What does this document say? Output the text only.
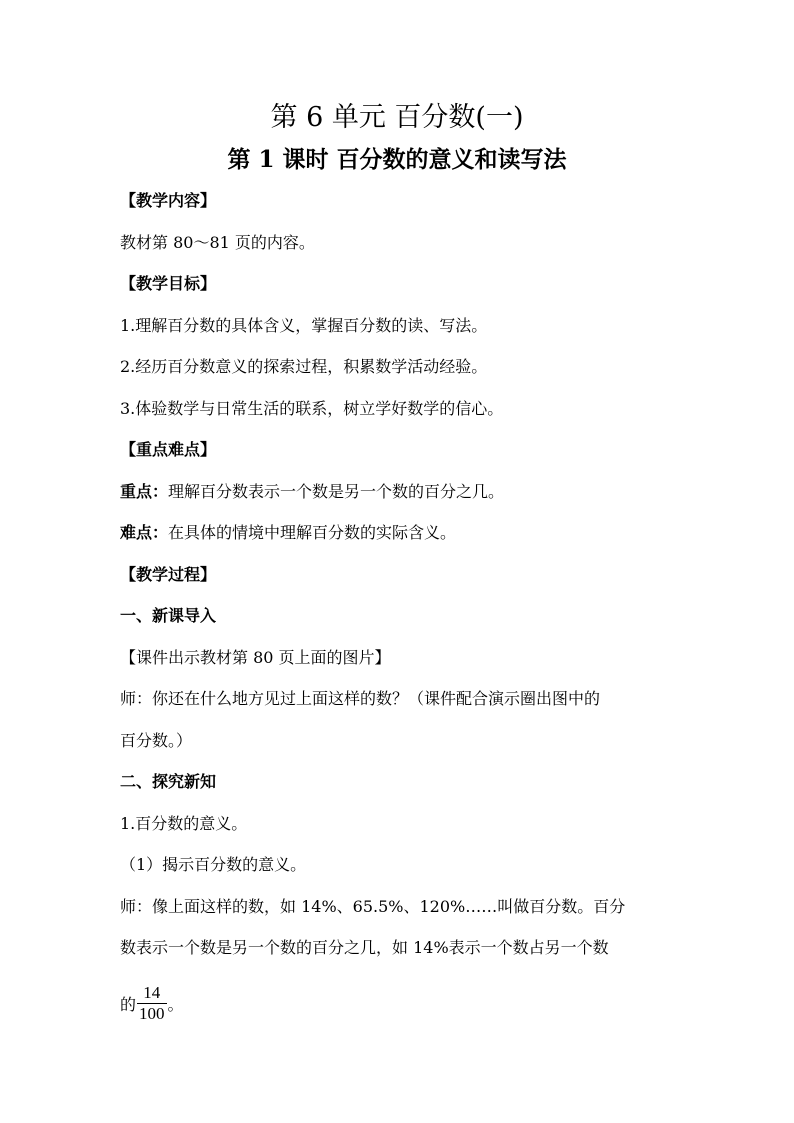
第 6 单元 百分数(一)
第 1 课时 百分数的意义和读写法
【教学内容】
教材第 80～81 页的内容。
【教学目标】
1.理解百分数的具体含义，掌握百分数的读、写法。
2.经历百分数意义的探索过程，积累数学活动经验。
3.体验数学与日常生活的联系，树立学好数学的信心。
【重点难点】
重点：理解百分数表示一个数是另一个数的百分之几。
难点：在具体的情境中理解百分数的实际含义。
【教学过程】
一、新课导入
【课件出示教材第 80 页上面的图片】
师：你还在什么地方见过上面这样的数？（课件配合演示圈出图中的
百分数。）
二、探究新知
1.百分数的意义。
（1）揭示百分数的意义。
师：像上面这样的数，如 14%、65.5%、120%……叫做百分数。百分
数表示一个数是另一个数的百分之几，如 14%表示一个数占另一个数
的 $\frac{14}{100}$ 。
